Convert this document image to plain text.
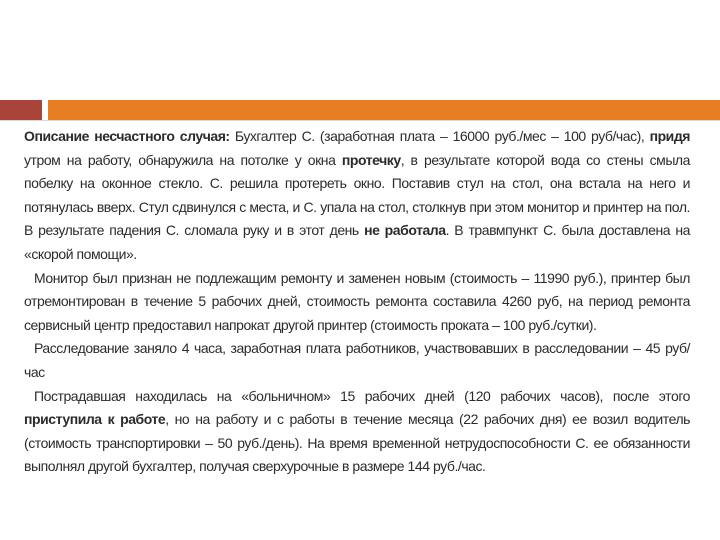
Описание несчастного случая: Бухгалтер С. (заработная плата – 16000 руб./мес – 100 руб/час), придя утром на работу, обнаружила на потолке у окна протечку, в результате которой вода со стены смыла побелку на оконное стекло. С. решила протереть окно. Поставив стул на стол, она встала на него и потянулась вверх. Стул сдвинулся с места, и С. упала на стол, столкнув при этом монитор и принтер на пол. В результате падения С. сломала руку и в этот день не работала. В травмпункт С. была доставлена на «скорой помощи».

Монитор был признан не подлежащим ремонту и заменен новым (стоимость – 11990 руб.), принтер был отремонтирован в течение 5 рабочих дней, стоимость ремонта составила 4260 руб, на период ремонта сервисный центр предоставил напрокат другой принтер (стоимость проката – 100 руб./сутки).

Расследование заняло 4 часа, заработная плата работников, участвовавших в расследовании – 45 руб/час

Пострадавшая находилась на «больничном» 15 рабочих дней (120 рабочих часов), после этого приступила к работе, но на работу и с работы в течение месяца (22 рабочих дня) ее возил водитель (стоимость транспортировки – 50 руб./день). На время временной нетрудоспособности С. ее обязанности выполнял другой бухгалтер, получая сверхурочные в размере 144 руб./час.
